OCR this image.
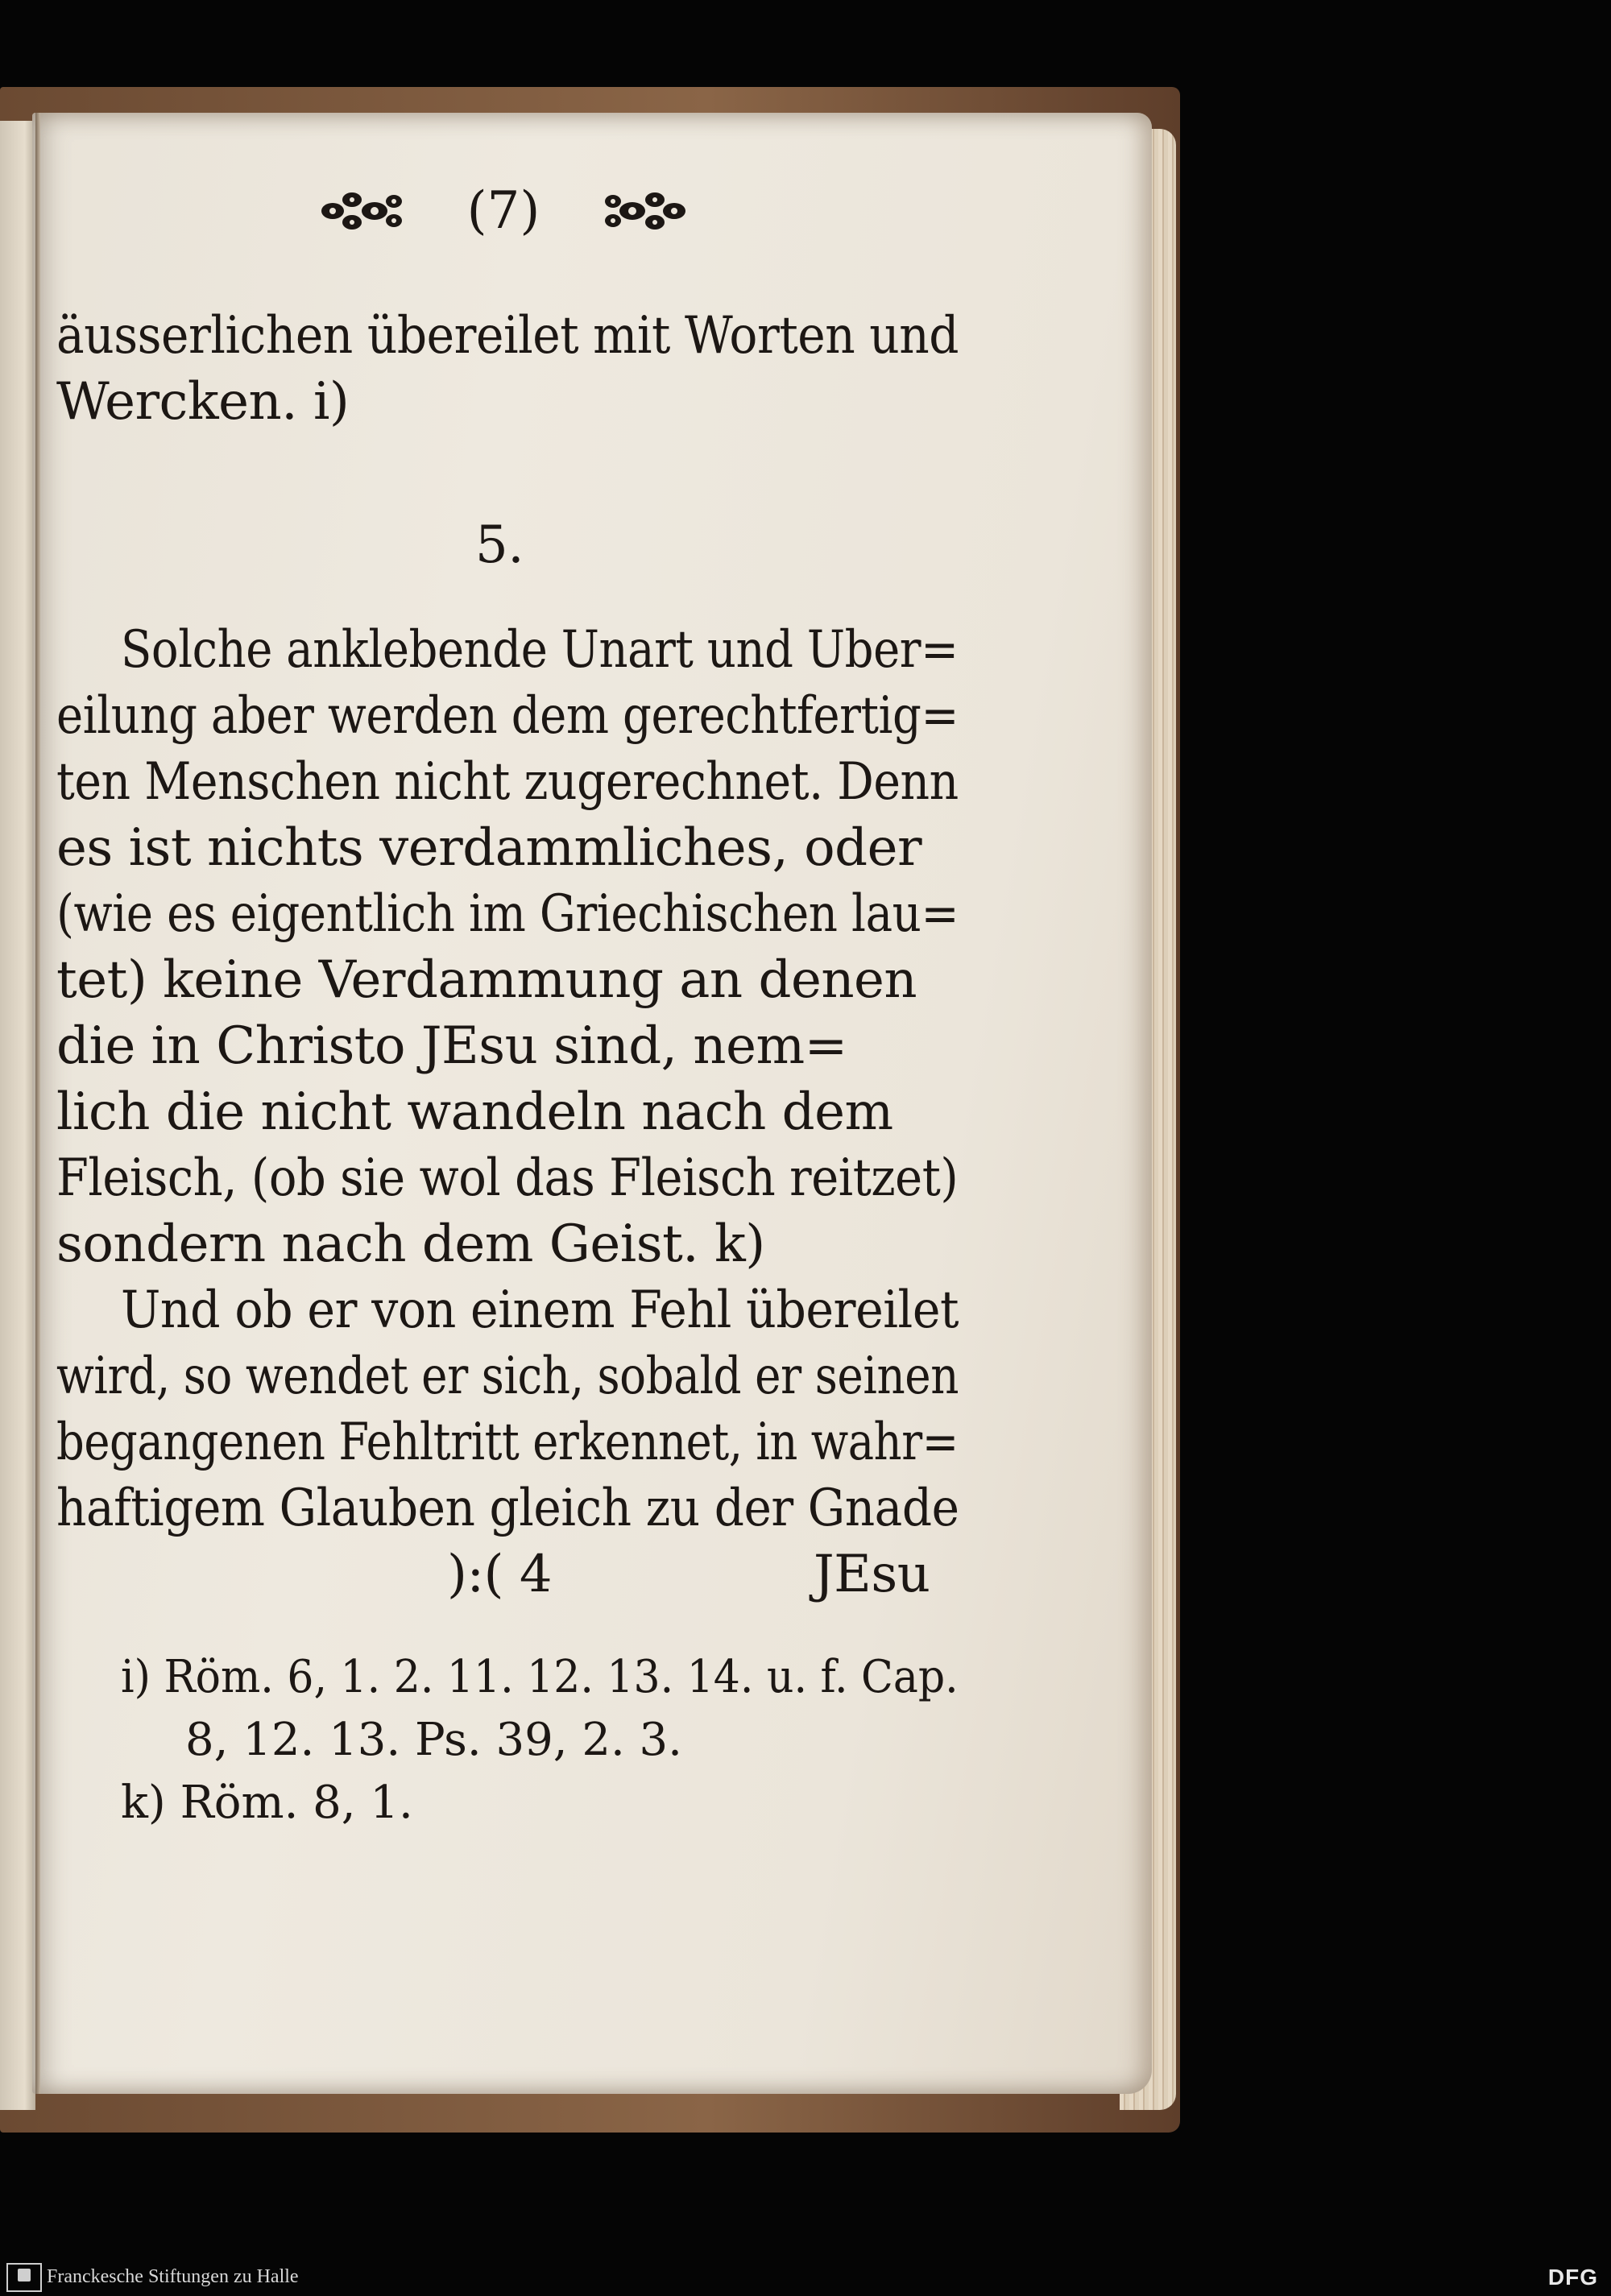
(7)
äusserlichen übereilet mit Worten und
Wercken. i)
5.
Solche anklebende Unart und Uber=
eilung aber werden dem gerechtfertig=
ten Menschen nicht zugerechnet. Denn
es ist nichts verdammliches, oder
(wie es eigentlich im Griechischen lau=
tet) keine Verdammung an denen
die in Christo JEsu sind, nem=
lich die nicht wandeln nach dem
Fleisch, (ob sie wol das Fleisch reitzet)
sondern nach dem Geist. k)
Und ob er von einem Fehl übereilet
wird, so wendet er sich, sobald er seinen
begangenen Fehltritt erkennet, in wahr=
haftigem Glauben gleich zu der Gnade
):( 4	JEsu
i) Röm. 6, 1. 2. 11. 12. 13. 14. u. f. Cap.
8, 12. 13. Ps. 39, 2. 3.
k) Röm. 8, 1.
Franckesche Stiftungen zu Halle	DFG
